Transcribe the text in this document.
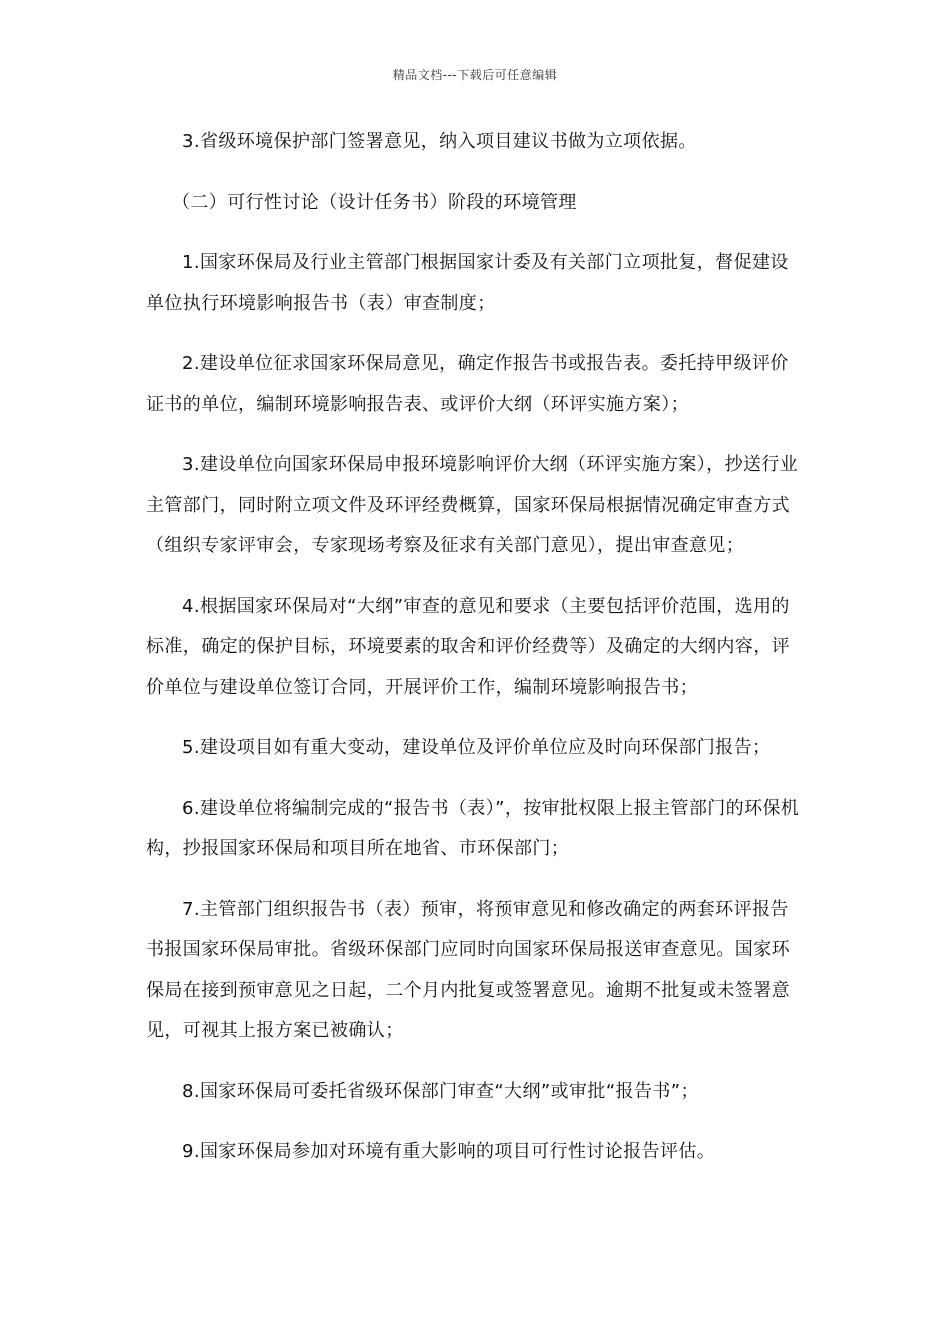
精品文档---下载后可任意编辑

3.省级环境保护部门签署意见，纳入项目建议书做为立项依据。

（二）可行性讨论（设计任务书）阶段的环境管理

1.国家环保局及行业主管部门根据国家计委及有关部门立项批复，督促建设单位执行环境影响报告书（表）审查制度；

2.建设单位征求国家环保局意见，确定作报告书或报告表。委托持甲级评价证书的单位，编制环境影响报告表、或评价大纲（环评实施方案）；

3.建设单位向国家环保局申报环境影响评价大纲（环评实施方案），抄送行业主管部门，同时附立项文件及环评经费概算，国家环保局根据情况确定审查方式（组织专家评审会，专家现场考察及征求有关部门意见），提出审查意见；

4.根据国家环保局对“大纲”审查的意见和要求（主要包括评价范围，选用的标准，确定的保护目标，环境要素的取舍和评价经费等）及确定的大纲内容，评价单位与建设单位签订合同，开展评价工作，编制环境影响报告书；

5.建设项目如有重大变动，建设单位及评价单位应及时向环保部门报告；

6.建设单位将编制完成的“报告书（表）”，按审批权限上报主管部门的环保机构，抄报国家环保局和项目所在地省、市环保部门；

7.主管部门组织报告书（表）预审，将预审意见和修改确定的两套环评报告书报国家环保局审批。省级环保部门应同时向国家环保局报送审查意见。国家环保局在接到预审意见之日起，二个月内批复或签署意见。逾期不批复或未签署意见，可视其上报方案已被确认；

8.国家环保局可委托省级环保部门审查“大纲”或审批“报告书”；

9.国家环保局参加对环境有重大影响的项目可行性讨论报告评估。
